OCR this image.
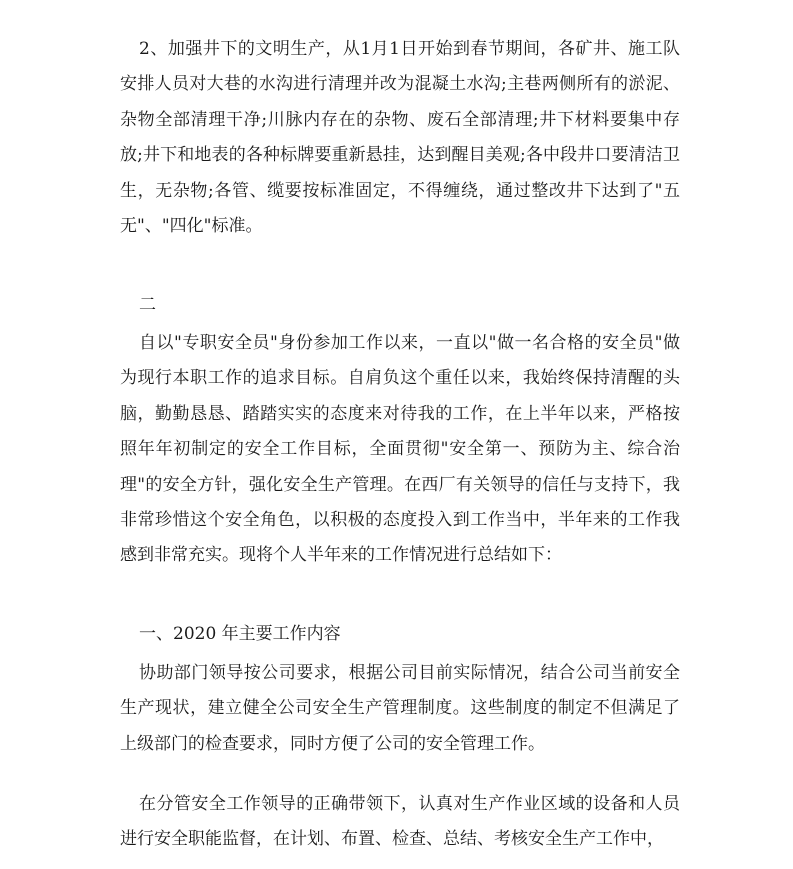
2、加强井下的文明生产，从1月1日开始到春节期间，各矿井、施工队安排人员对大巷的水沟进行清理并改为混凝土水沟;主巷两侧所有的淤泥、杂物全部清理干净;川脉内存在的杂物、废石全部清理;井下材料要集中存放;井下和地表的各种标牌要重新悬挂，达到醒目美观;各中段井口要清洁卫生，无杂物;各管、缆要按标准固定，不得缠绕，通过整改井下达到了"五无"、"四化"标准。

二

自以"专职安全员"身份参加工作以来，一直以"做一名合格的安全员"做为现行本职工作的追求目标。自肩负这个重任以来，我始终保持清醒的头脑，勤勤恳恳、踏踏实实的态度来对待我的工作，在上半年以来，严格按照年年初制定的安全工作目标，全面贯彻"安全第一、预防为主、综合治理"的安全方针，强化安全生产管理。在西厂有关领导的信任与支持下，我非常珍惜这个安全角色，以积极的态度投入到工作当中，半年来的工作我感到非常充实。现将个人半年来的工作情况进行总结如下：

一、2020 年主要工作内容

协助部门领导按公司要求，根据公司目前实际情况，结合公司当前安全生产现状，建立健全公司安全生产管理制度。这些制度的制定不但满足了上级部门的检查要求，同时方便了公司的安全管理工作。

在分管安全工作领导的正确带领下，认真对生产作业区域的设备和人员进行安全职能监督，在计划、布置、检查、总结、考核安全生产工作中，
